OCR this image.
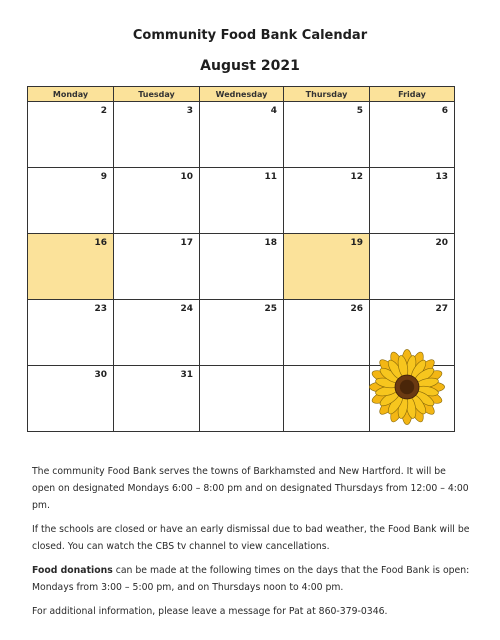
Community Food Bank Calendar
August 2021
Monday	Tuesday	Wednesday	Thursday	Friday
2	3	4	5	6
9	10	11	12	13
16	17	18	19	20
23	24	25	26	27
30	31
The community Food Bank serves the towns of Barkhamsted and New Hartford. It will be open on designated Mondays 6:00 – 8:00 pm and on designated Thursdays from 12:00 – 4:00 pm.
If the schools are closed or have an early dismissal due to bad weather, the Food Bank will be closed. You can watch the CBS tv channel to view cancellations.
Food donations can be made at the following times on the days that the Food Bank is open: Mondays from 3:00 – 5:00 pm, and on Thursdays noon to 4:00 pm.
For additional information, please leave a message for Pat at 860-379-0346.
